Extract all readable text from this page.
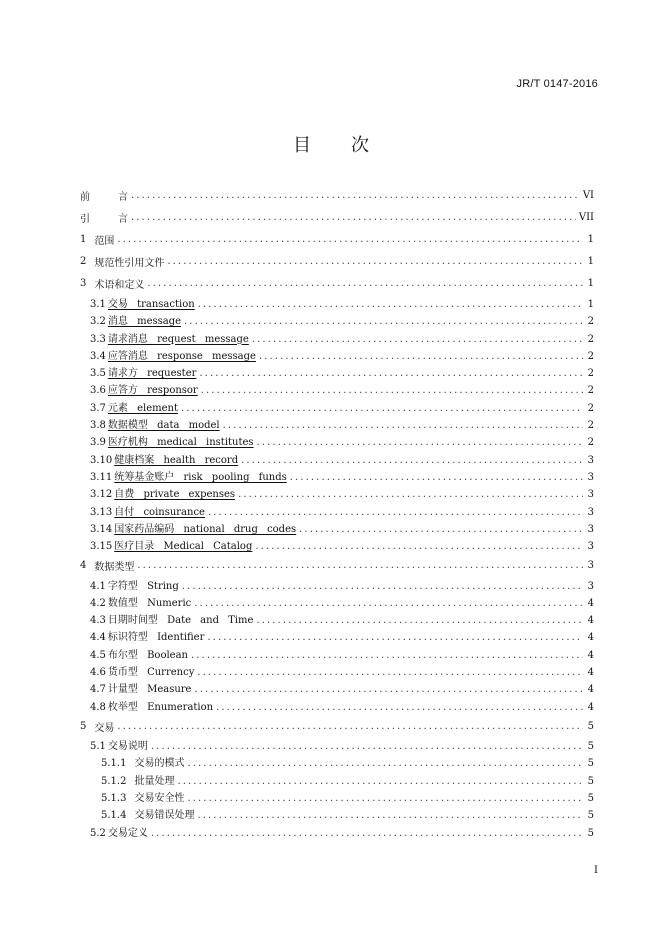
JR/T 0147-2016

目 次
前 言 .....	VI
引 言 .....	VII
1 范围 .....	1
2 规范性引用文件 .....	1
3 术语和定义 .....	1
3.1 交易 transaction .....	1
3.2 消息 message .....	2
3.3 请求消息 request message .....	2
3.4 应答消息 response message .....	2
3.5 请求方 requester .....	2
3.6 应答方 responsor .....	2
3.7 元素 element .....	2
3.8 数据模型 data model .....	2
3.9 医疗机构 medical institutes .....	2
3.10 健康档案 health record .....	3
3.11 统筹基金账户 risk pooling funds .....	3
3.12 自费 private expenses .....	3
3.13 自付 coinsurance .....	3
3.14 国家药品编码 national drug codes .....	3
3.15 医疗目录 Medical Catalog .....	3
4 数据类型 .....	3
4.1 字符型 String .....	3
4.2 数值型 Numeric .....	4
4.3 日期时间型 Date and Time .....	4
4.4 标识符型 Identifier .....	4
4.5 布尔型 Boolean .....	4
4.6 货币型 Currency .....	4
4.7 计量型 Measure .....	4
4.8 枚举型 Enumeration .....	4
5 交易 .....	5
5.1 交易说明 .....	5
5.1.1 交易的模式 .....	5
5.1.2 批量处理 .....	5
5.1.3 交易安全性 .....	5
5.1.4 交易错误处理 .....	5
5.2 交易定义 .....	5

I
